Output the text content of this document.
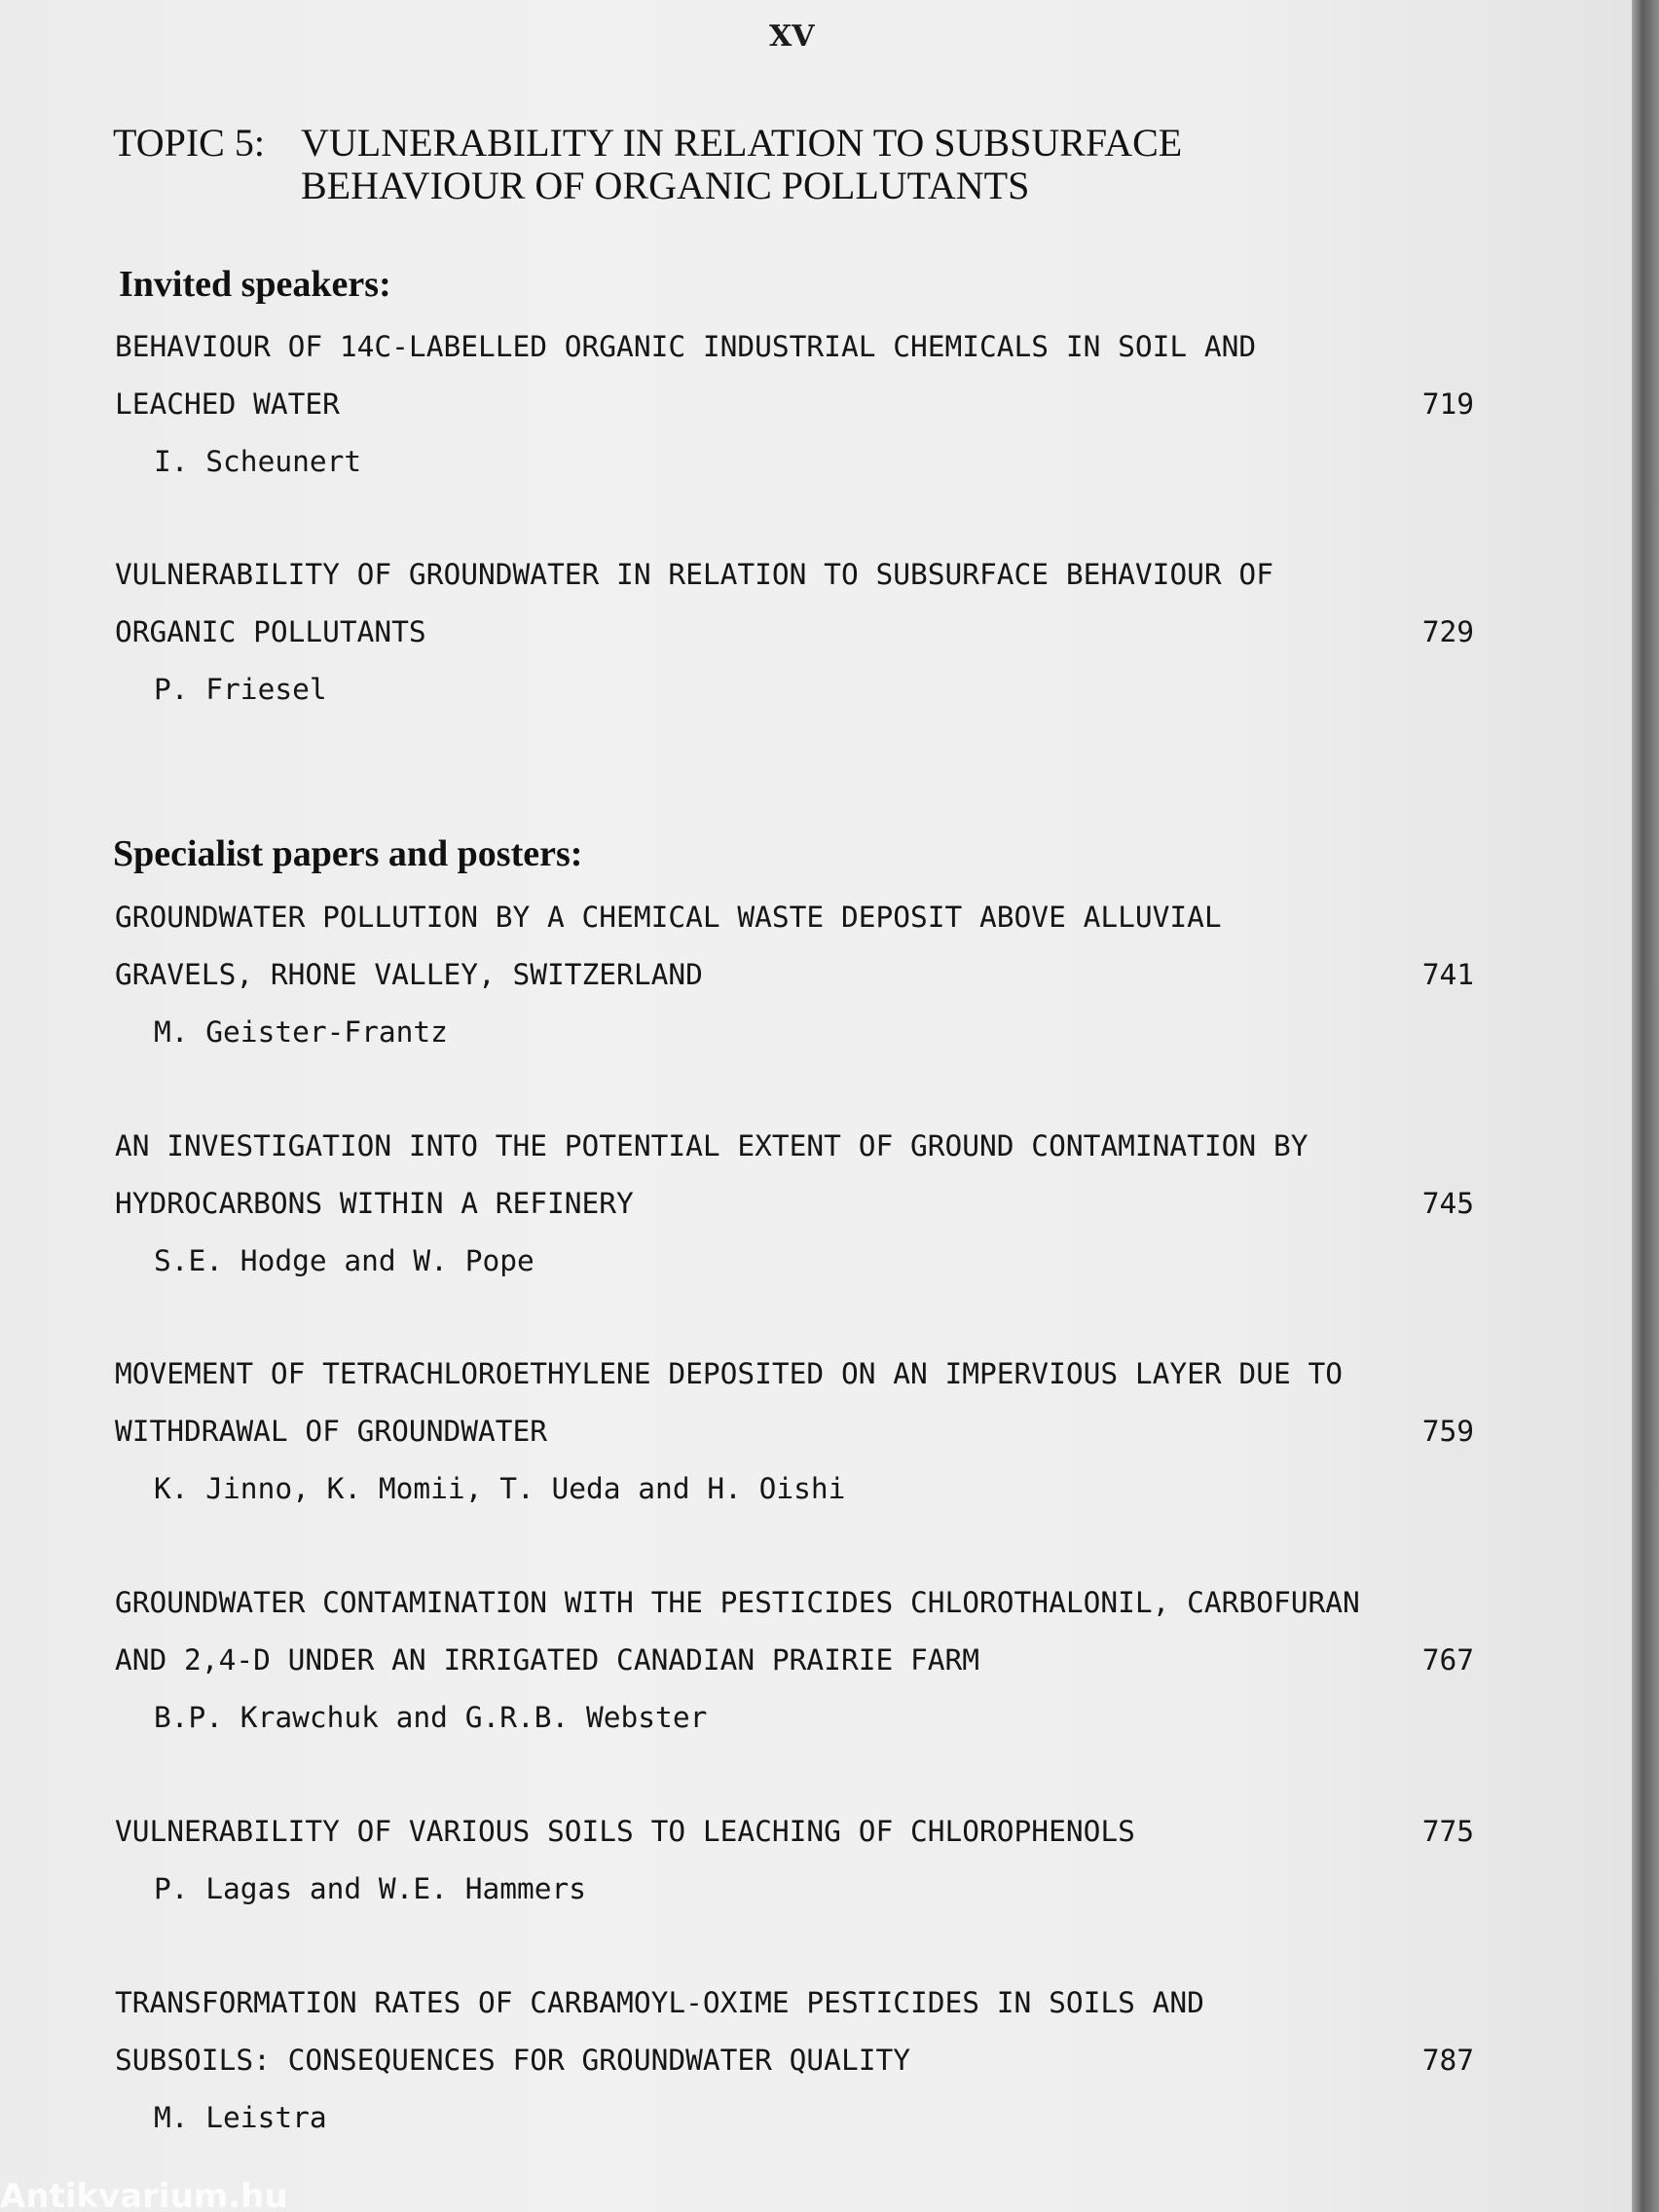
XV
TOPIC 5: VULNERABILITY IN RELATION TO SUBSURFACE
BEHAVIOUR OF ORGANIC POLLUTANTS
Invited speakers:
BEHAVIOUR OF 14C-LABELLED ORGANIC INDUSTRIAL CHEMICALS IN SOIL AND
LEACHED WATER	719
I. Scheunert
VULNERABILITY OF GROUNDWATER IN RELATION TO SUBSURFACE BEHAVIOUR OF
ORGANIC POLLUTANTS	729
P. Friesel
Specialist papers and posters:
GROUNDWATER POLLUTION BY A CHEMICAL WASTE DEPOSIT ABOVE ALLUVIAL
GRAVELS, RHONE VALLEY, SWITZERLAND	741
M. Geister-Frantz
AN INVESTIGATION INTO THE POTENTIAL EXTENT OF GROUND CONTAMINATION BY
HYDROCARBONS WITHIN A REFINERY	745
S.E. Hodge and W. Pope
MOVEMENT OF TETRACHLOROETHYLENE DEPOSITED ON AN IMPERVIOUS LAYER DUE TO
WITHDRAWAL OF GROUNDWATER	759
K. Jinno, K. Momii, T. Ueda and H. Oishi
GROUNDWATER CONTAMINATION WITH THE PESTICIDES CHLOROTHALONIL, CARBOFURAN
AND 2,4-D UNDER AN IRRIGATED CANADIAN PRAIRIE FARM	767
B.P. Krawchuk and G.R.B. Webster
VULNERABILITY OF VARIOUS SOILS TO LEACHING OF CHLOROPHENOLS	775
P. Lagas and W.E. Hammers
TRANSFORMATION RATES OF CARBAMOYL-OXIME PESTICIDES IN SOILS AND
SUBSOILS: CONSEQUENCES FOR GROUNDWATER QUALITY	787
M. Leistra
Antikvarium.hu
